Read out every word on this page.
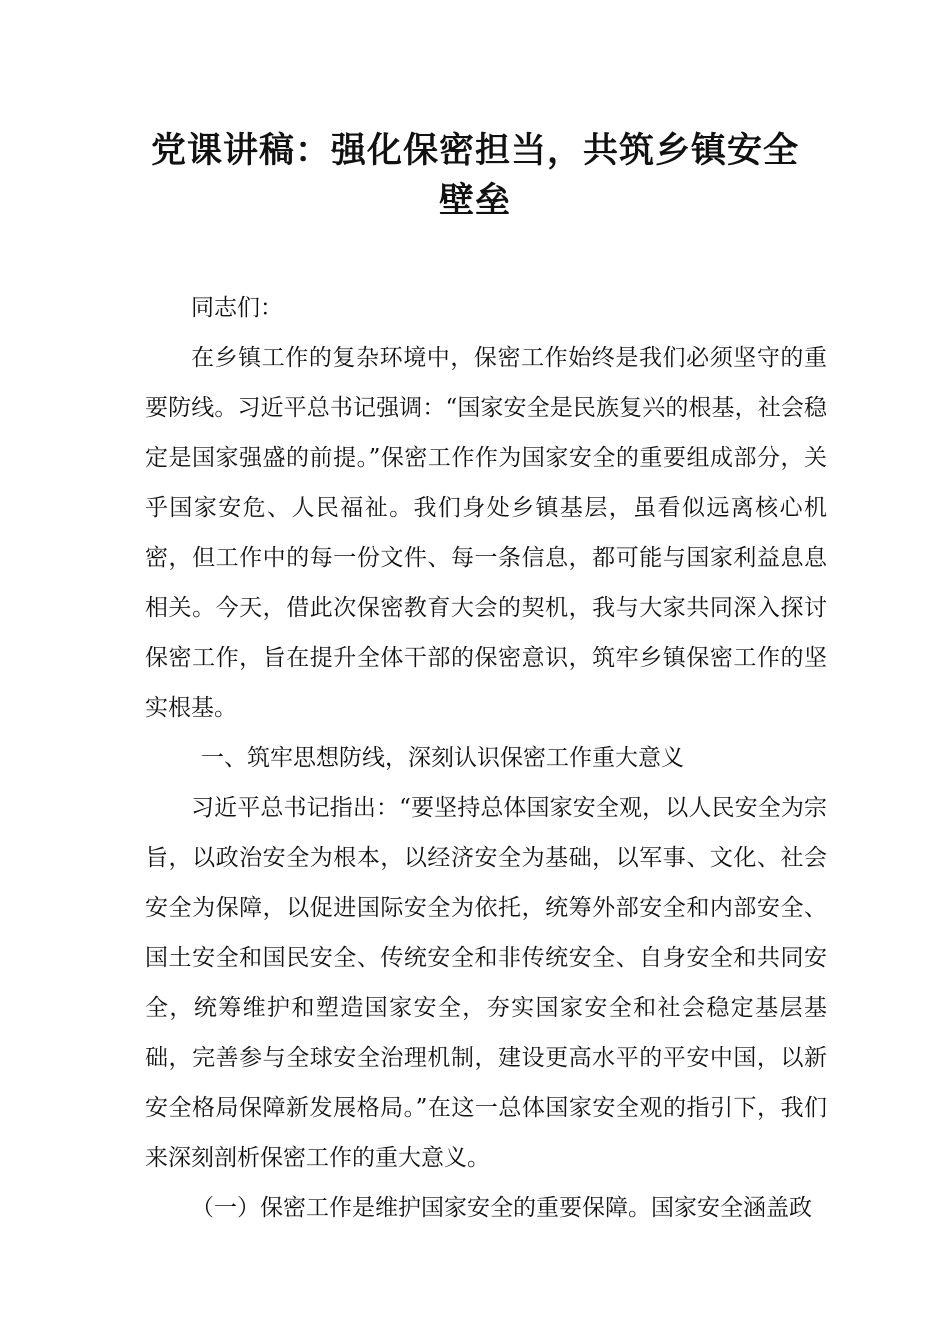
党课讲稿：强化保密担当，共筑乡镇安全
壁垒

同志们：

在乡镇工作的复杂环境中，保密工作始终是我们必须坚守的重要防线。习近平总书记强调：“国家安全是民族复兴的根基，社会稳定是国家强盛的前提。”保密工作作为国家安全的重要组成部分，关乎国家安危、人民福祉。我们身处乡镇基层，虽看似远离核心机密，但工作中的每一份文件、每一条信息，都可能与国家利益息息相关。今天，借此次保密教育大会的契机，我与大家共同深入探讨保密工作，旨在提升全体干部的保密意识，筑牢乡镇保密工作的坚实根基。

一、筑牢思想防线，深刻认识保密工作重大意义

习近平总书记指出：“要坚持总体国家安全观，以人民安全为宗旨，以政治安全为根本，以经济安全为基础，以军事、文化、社会安全为保障，以促进国际安全为依托，统筹外部安全和内部安全、国土安全和国民安全、传统安全和非传统安全、自身安全和共同安全，统筹维护和塑造国家安全，夯实国家安全和社会稳定基层基础，完善参与全球安全治理机制，建设更高水平的平安中国，以新安全格局保障新发展格局。”在这一总体国家安全观的指引下，我们来深刻剖析保密工作的重大意义。

（一）保密工作是维护国家安全的重要保障。国家安全涵盖政
